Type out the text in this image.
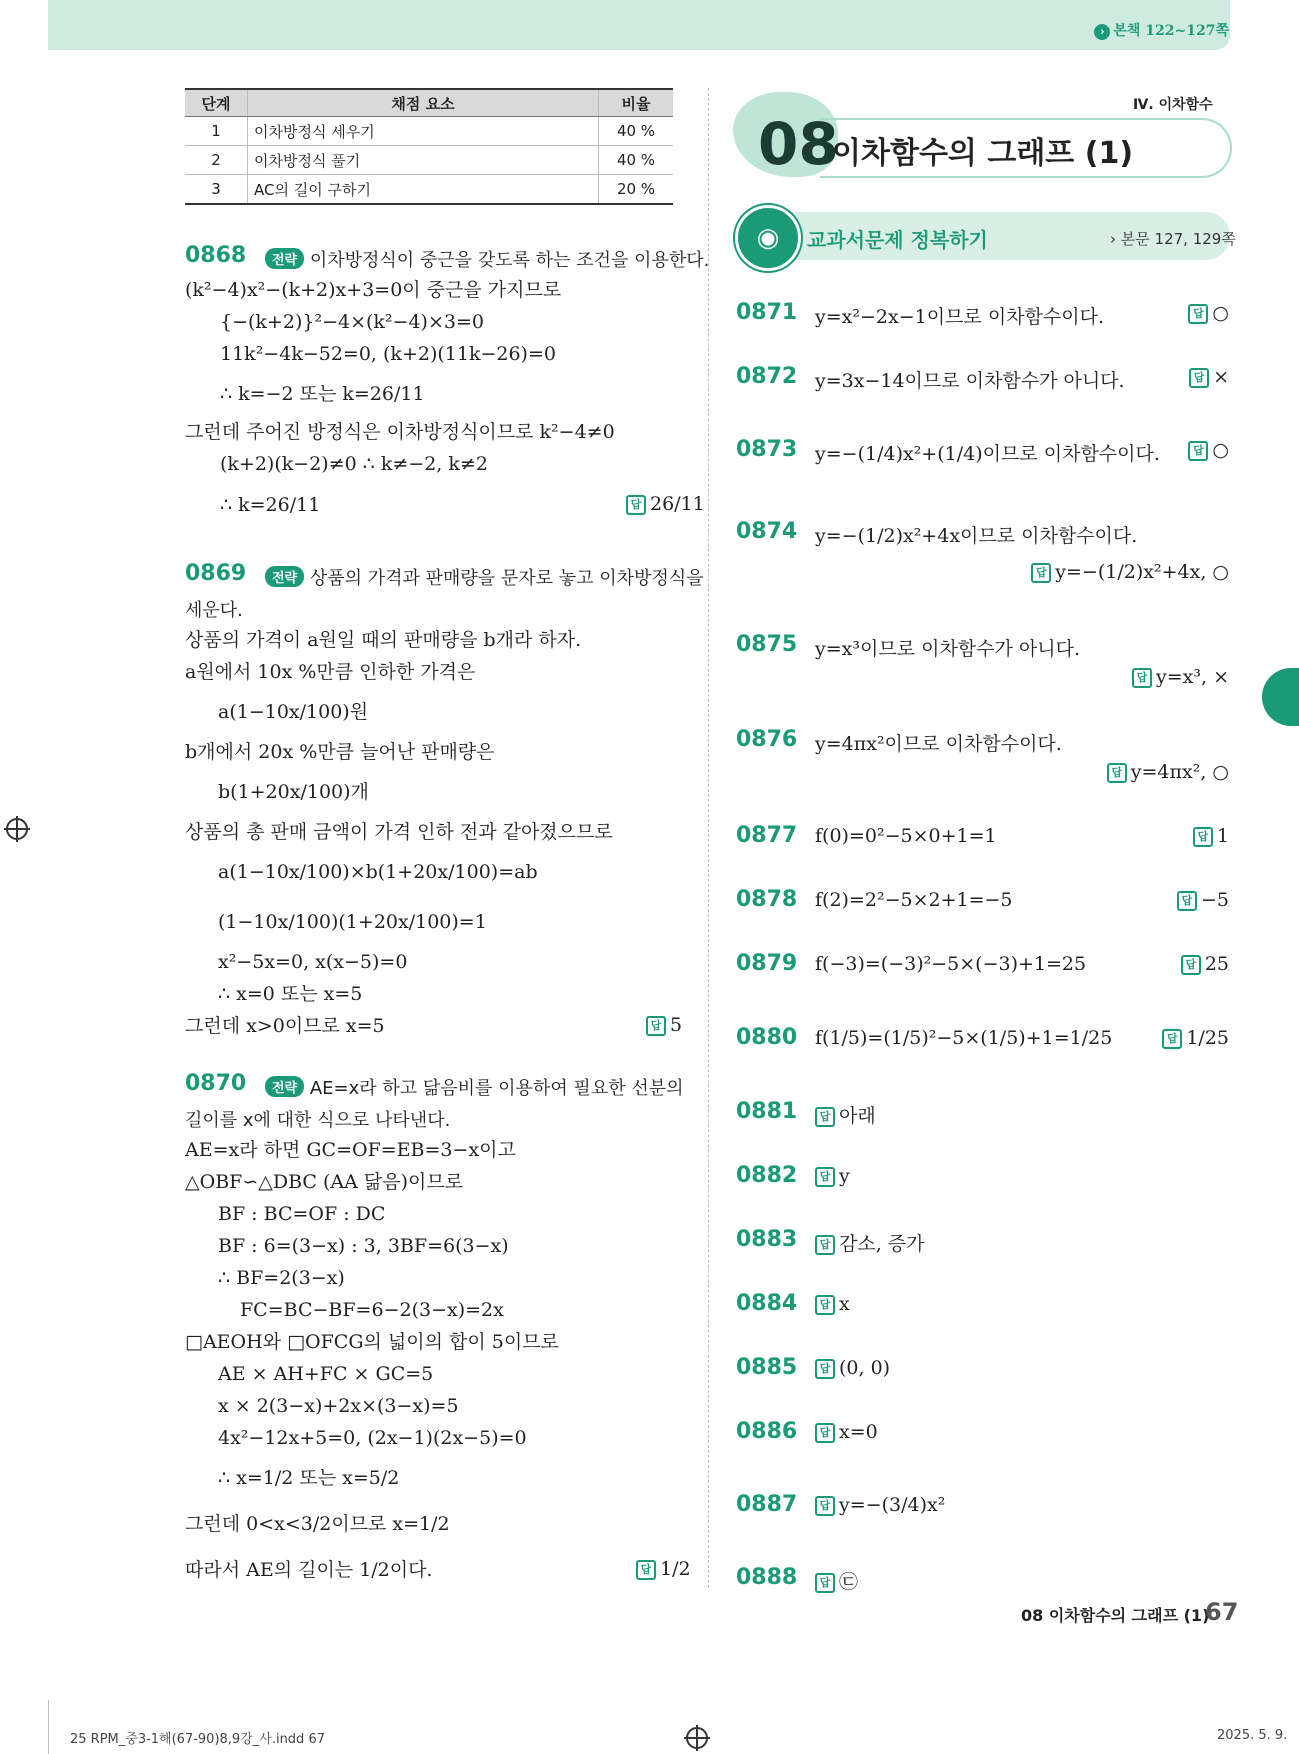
› 본책 122~127쪽
단계	채점 요소	비율
1	이차방정식 세우기	40 %
2	이차방정식 풀기	40 %
3	AC의 길이 구하기	20 %
0868	전략 이차방정식이 중근을 갖도록 하는 조건을 이용한다.
(k²−4)x²−(k+2)x+3=0이 중근을 가지므로
{−(k+2)}²−4×(k²−4)×3=0
11k²−4k−52=0, (k+2)(11k−26)=0
∴ k=−2 또는 k=26/11
그런데 주어진 방정식은 이차방정식이므로 k²−4≠0
(k+2)(k−2)≠0 ∴ k≠−2, k≠2
∴ k=26/11	답 26/11
0869	전략 상품의 가격과 판매량을 문자로 놓고 이차방정식을
세운다.
상품의 가격이 a원일 때의 판매량을 b개라 하자.
a원에서 10x %만큼 인하한 가격은
a(1−10x/100)원
b개에서 20x %만큼 늘어난 판매량은
b(1+20x/100)개
상품의 총 판매 금액이 가격 인하 전과 같아졌으므로
a(1−10x/100)×b(1+20x/100)=ab
(1−10x/100)(1+20x/100)=1
x²−5x=0, x(x−5)=0
∴ x=0 또는 x=5
그런데 x>0이므로 x=5	답 5
0870	전략 AE=x라 하고 닮음비를 이용하여 필요한 선분의
길이를 x에 대한 식으로 나타낸다.
AE=x라 하면 GC=OF=EB=3−x이고
△OBF∽△DBC (AA 닮음)이므로
BF : BC=OF : DC
BF : 6=(3−x) : 3, 3BF=6(3−x)
∴ BF=2(3−x)
FC=BC−BF=6−2(3−x)=2x
□AEOH와 □OFCG의 넓이의 합이 5이므로
AE × AH+FC × GC=5
x × 2(3−x)+2x×(3−x)=5
4x²−12x+5=0, (2x−1)(2x−5)=0
∴ x=1/2 또는 x=5/2
그런데 0<x<3/2이므로 x=1/2
따라서 AE의 길이는 1/2이다.	답 1/2
Ⅳ. 이차함수
08
이차함수의 그래프 (1)
◉	교과서문제 정복하기	› 본문 127, 129쪽
0871 y=x²−2x−1이므로 이차함수이다.	답 ○
0872 y=3x−14이므로 이차함수가 아니다.	답 ×
0873 y=−(1/4)x²+(1/4)이므로 이차함수이다.	답 ○
0874 y=−(1/2)x²+4x이므로 이차함수이다.
답 y=−(1/2)x²+4x, ○
0875 y=x³이므로 이차함수가 아니다.
답 y=x³, ×
0876 y=4πx²이므로 이차함수이다.
답 y=4πx², ○
0877 f(0)=0²−5×0+1=1	답 1
0878 f(2)=2²−5×2+1=−5	답 −5
0879 f(−3)=(−3)²−5×(−3)+1=25	답 25
0880 f(1/5)=(1/5)²−5×(1/5)+1=1/25	답 1/25
0881	답 아래
0882	답 y
0883	답 감소, 증가
0884	답 x
0885	답 (0, 0)
0886	답 x=0
0887	답 y=−(3/4)x²
0888	답 ㉢
08 이차함수의 그래프 (1)
67
25 RPM_중3-1해(67-90)8,9강_사.indd 67	2025. 5. 9.
